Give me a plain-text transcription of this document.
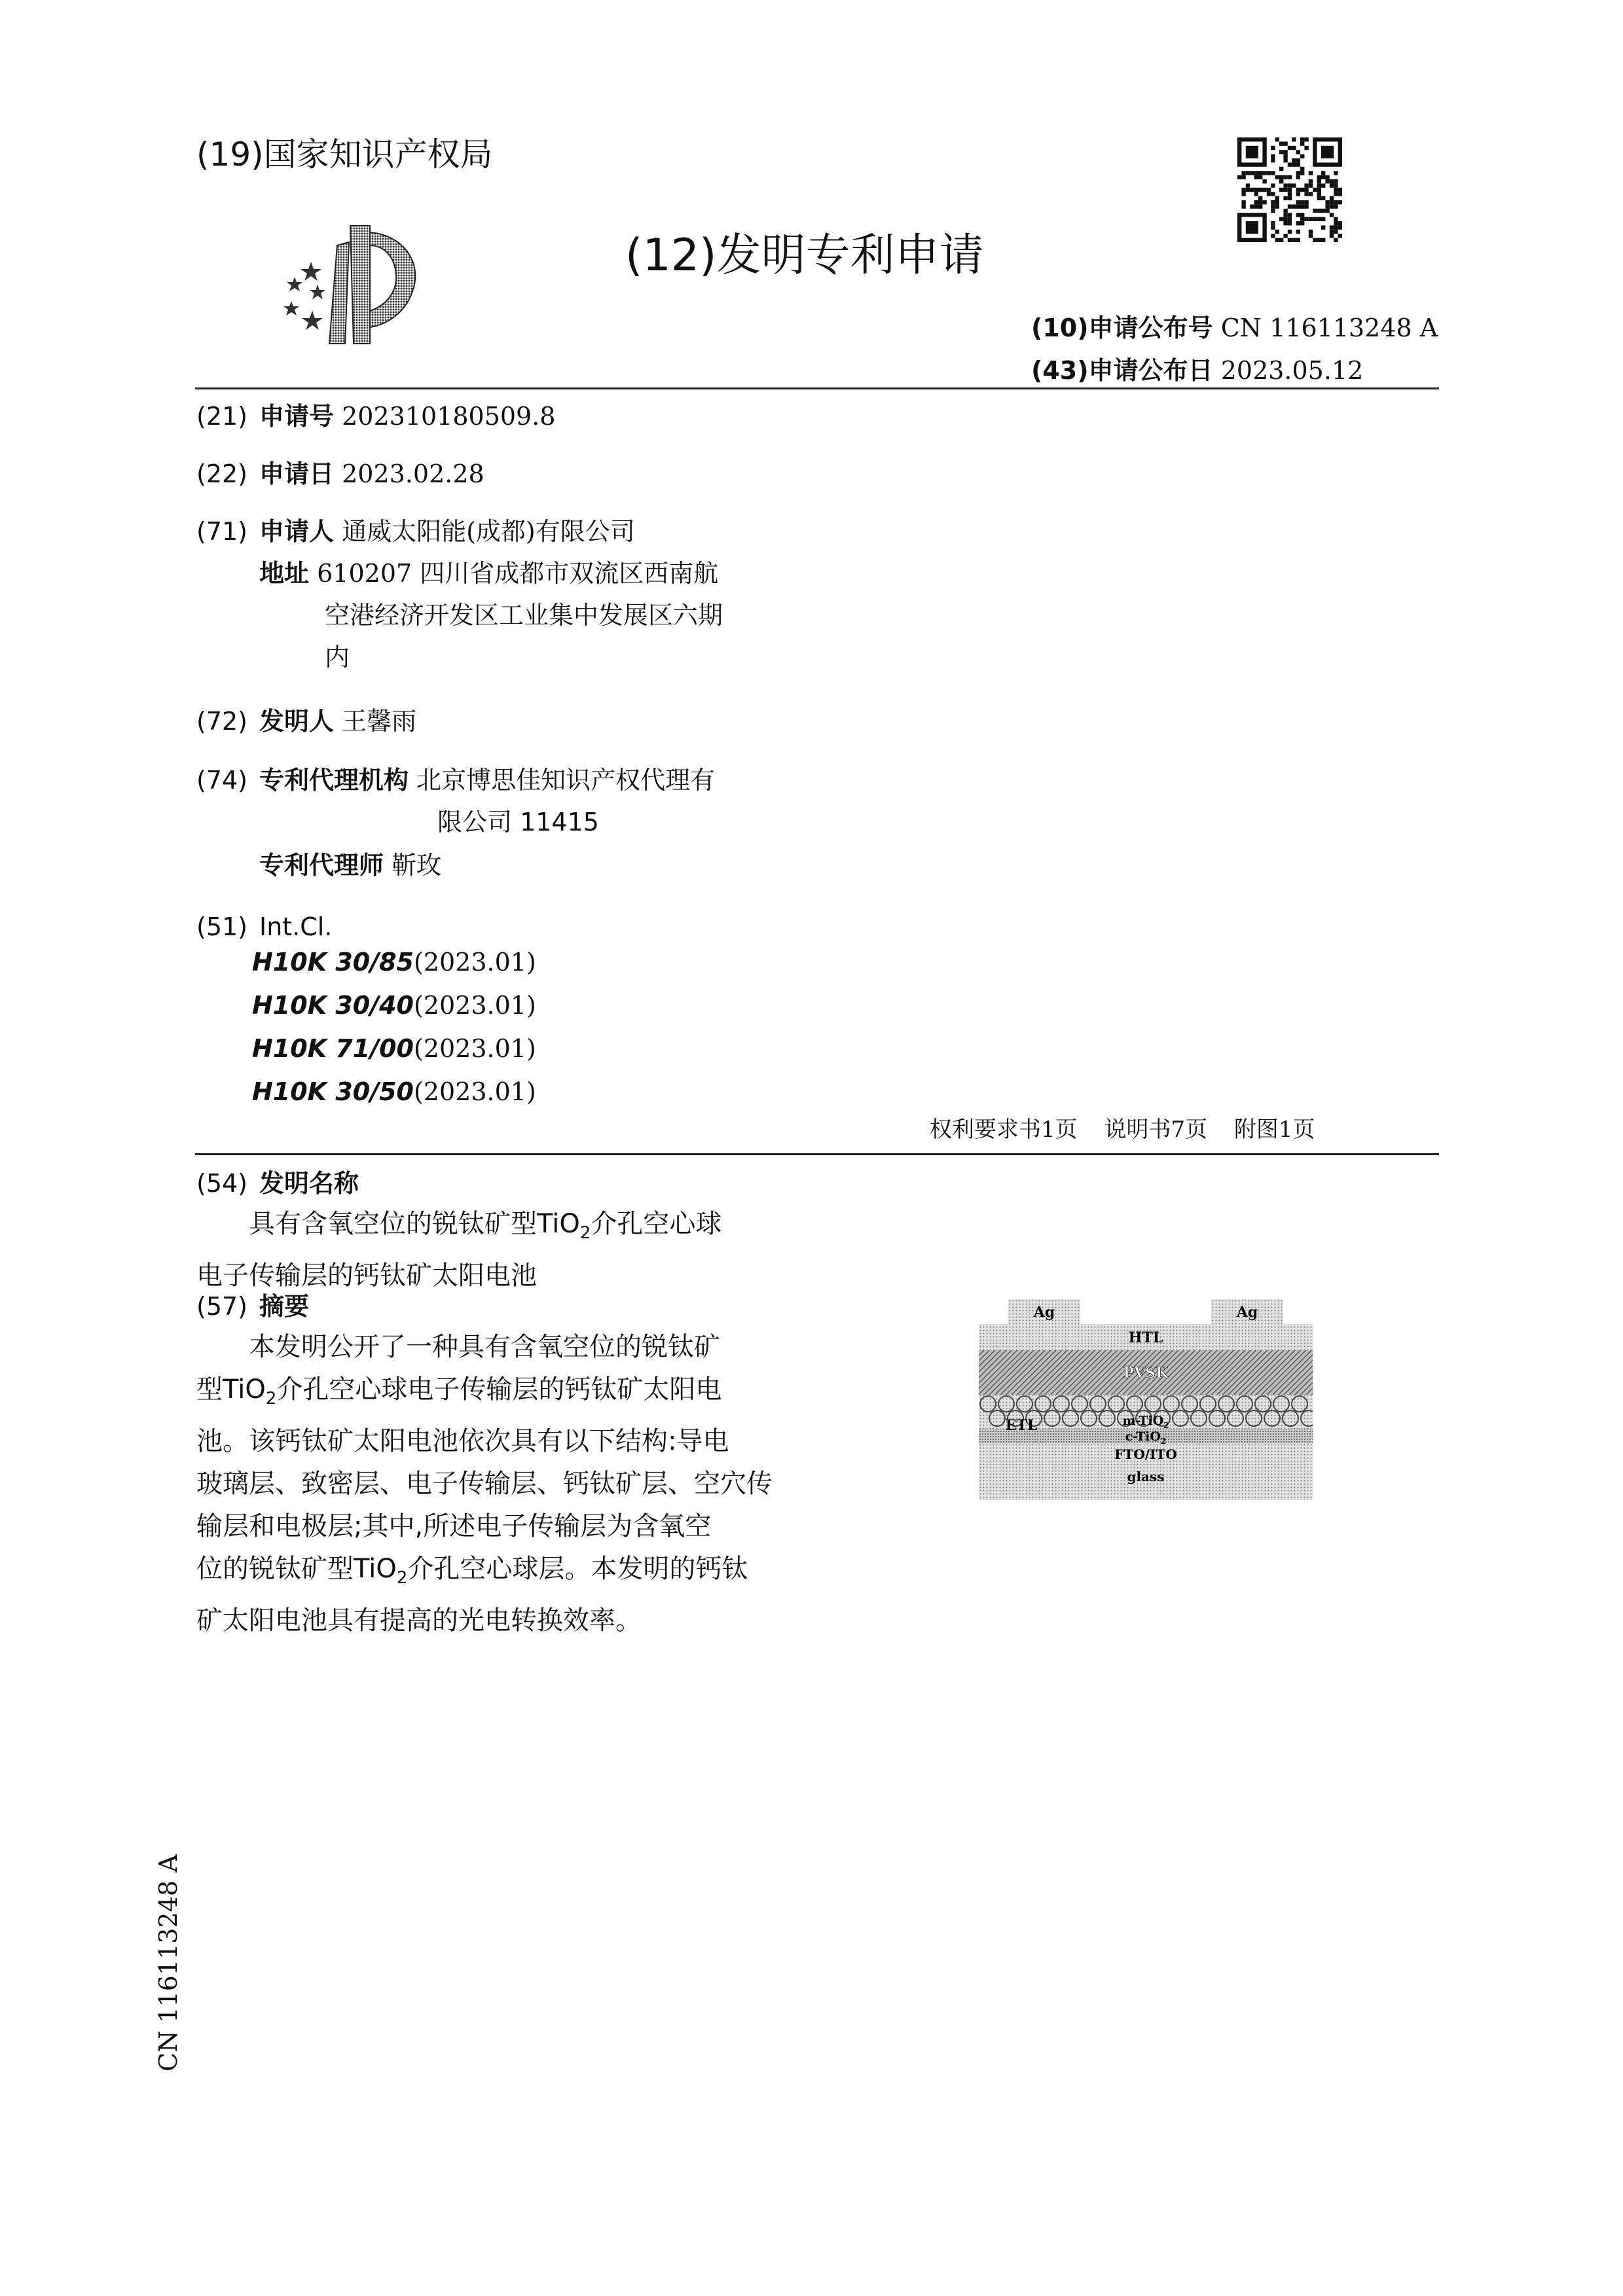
(19)国家知识产权局
(12)发明专利申请
(10)申请公布号 CN 116113248 A
(43)申请公布日 2023.05.12
(21) 申请号 202310180509.8
(22) 申请日 2023.02.28
(71) 申请人 通威太阳能(成都)有限公司
地址 610207 四川省成都市双流区西南航
空港经济开发区工业集中发展区六期
内
(72) 发明人 王馨雨
(74) 专利代理机构 北京博思佳知识产权代理有
限公司 11415
专利代理师 靳玫
(51) Int.Cl.
H10K 30/85(2023.01)
H10K 30/40(2023.01)
H10K 71/00(2023.01)
H10K 30/50(2023.01)
权利要求书1页 说明书7页 附图1页
(54) 发明名称
具有含氧空位的锐钛矿型TiO$_2$介孔空心球
电子传输层的钙钛矿太阳电池
(57) 摘要
本发明公开了一种具有含氧空位的锐钛矿
型TiO$_2$介孔空心球电子传输层的钙钛矿太阳电
池。该钙钛矿太阳电池依次具有以下结构:导电
玻璃层、致密层、电子传输层、钙钛矿层、空穴传
输层和电极层;其中,所述电子传输层为含氧空
位的锐钛矿型TiO$_2$介孔空心球层。本发明的钙钛
矿太阳电池具有提高的光电转换效率。
Ag	Ag
HTL
PVSK
ETL	m-TiO$_2$
c-TiO$_2$
FTO/ITO
glass
CN 116113248 A
